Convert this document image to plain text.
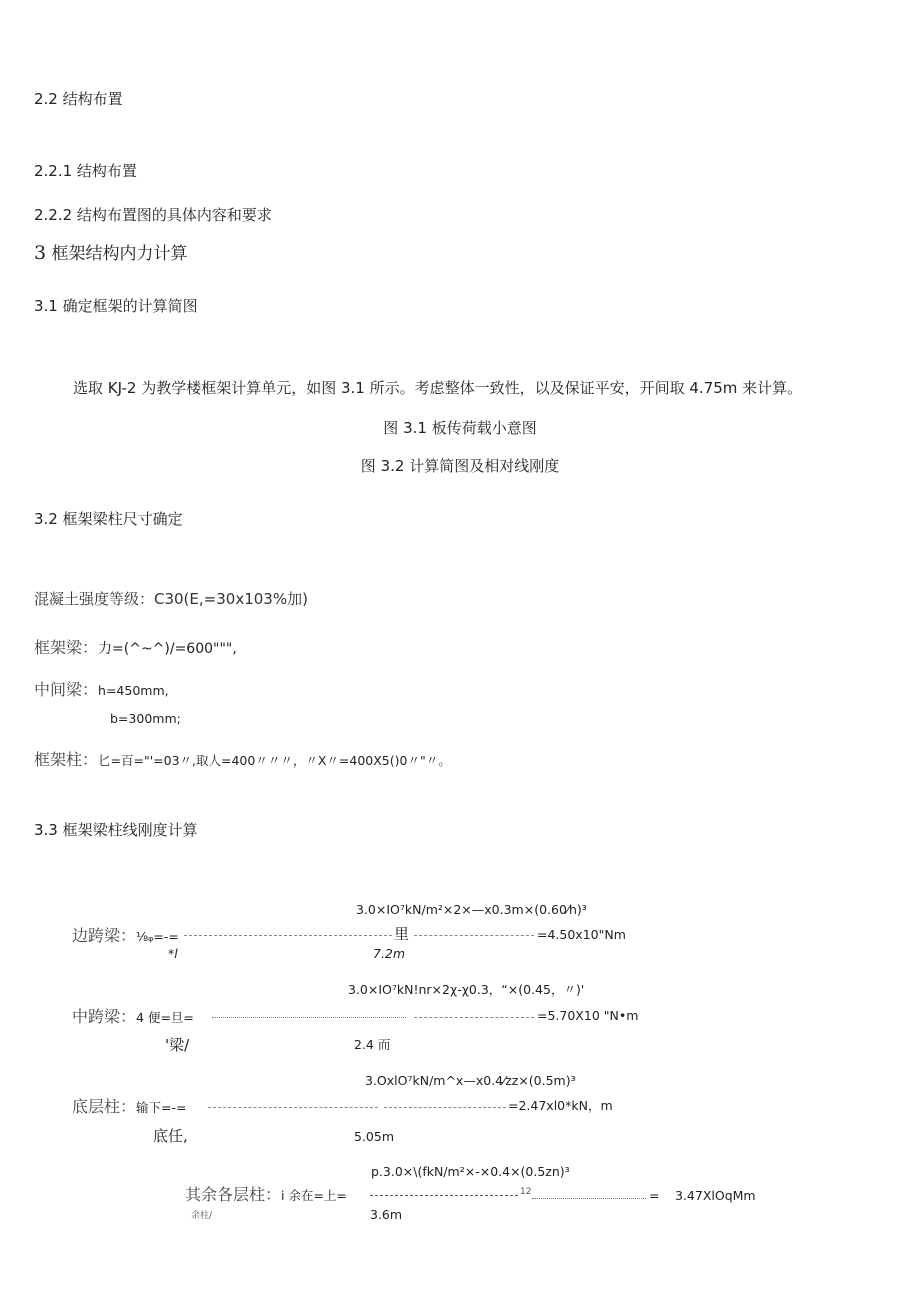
2.2 结构布置
2.2.1 结构布置
2.2.2 结构布置图的具体内容和要求
3 框架结构内力计算
3.1 确定框架的计算简图
选取 KJ-2 为教学楼框架计算单元，如图 3.1 所示。考虑整体一致性，以及保证平安，开间取 4.75m 来计算。
图 3.1 板传荷载小意图
图 3.2 计算简图及相对线刚度
3.2 框架梁柱尺寸确定
混凝土强度等级：C30(E,=30x103%加)
框架梁：力=(^~^)/=600""",
中间梁：h=450mm,
b=300mm;
框架柱：匕=百="'=03〃,取人=400〃〃〃，〃X〃=400X5()0〃"〃。
3.3 框架梁柱线刚度计算
3.0×IO⁷kN/m²×2×—x0.3m×(0.60⁄h)³
边跨梁：⅛ᵩ=-=	里	=4.50x10"Nm
*l	7.2m
3.0×IO⁷kN!nr×2χ-χ0.3，“×(0.45，〃)'
中跨梁：4 便=旦=	=5.70X10 "N•m
'梁/	2.4 而
3.OxlO⁷kN/m^x—x0.4⁄zz×(0.5m)³
底层柱：输下=-=	=2.47xl0*kN，m
底任,	5.05m
p.3.0×\(fkN/m²×-×0.4×(0.5zn)³
其余各层柱：i 余在=上=	12	= 3.47XlOqMm
余柱/	3.6m
